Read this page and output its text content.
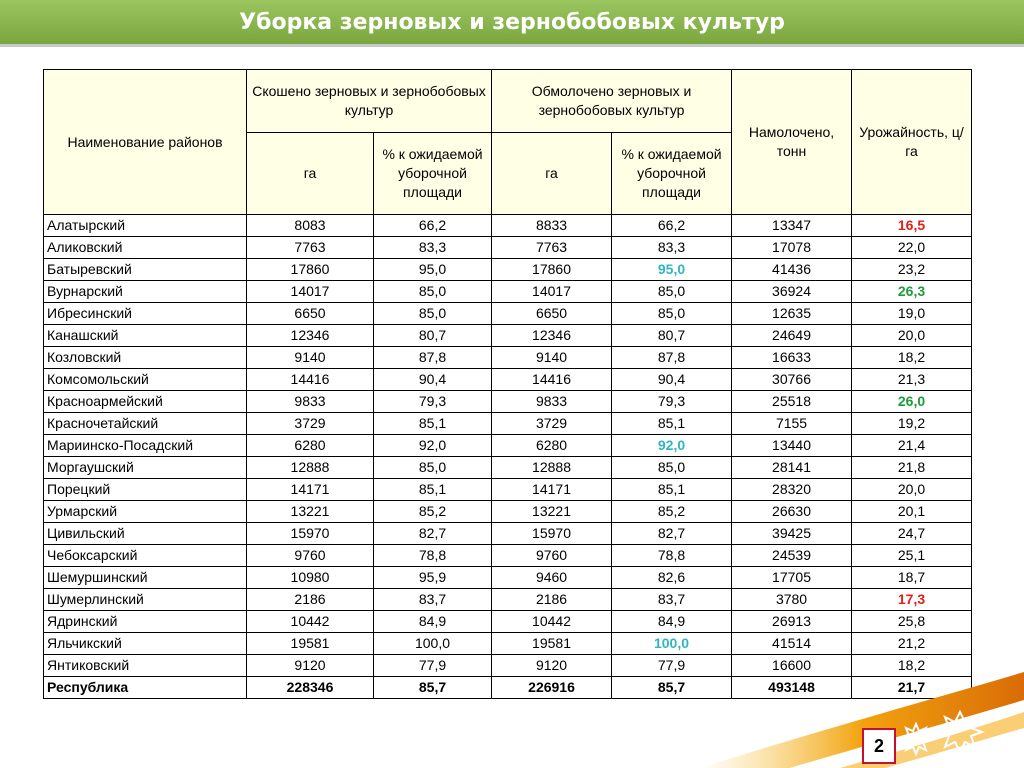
Уборка зерновых и зернобобовых культур
Наименование районов	Скошено зерновых и зернобобовых культур		Обмолочено зерновых и зернобобовых культур		Намолочено, тонн	Урожайность, ц/га
	га	% к ожидаемой уборочной площади	га	% к ожидаемой уборочной площади		
Алатырский	8083	66,2	8833	66,2	13347	16,5
Аликовский	7763	83,3	7763	83,3	17078	22,0
Батыревский	17860	95,0	17860	95,0	41436	23,2
Вурнарский	14017	85,0	14017	85,0	36924	26,3
Ибресинский	6650	85,0	6650	85,0	12635	19,0
Канашский	12346	80,7	12346	80,7	24649	20,0
Козловский	9140	87,8	9140	87,8	16633	18,2
Комсомольский	14416	90,4	14416	90,4	30766	21,3
Красноармейский	9833	79,3	9833	79,3	25518	26,0
Красночетайский	3729	85,1	3729	85,1	7155	19,2
Мариинско-Посадский	6280	92,0	6280	92,0	13440	21,4
Моргаушский	12888	85,0	12888	85,0	28141	21,8
Порецкий	14171	85,1	14171	85,1	28320	20,0
Урмарский	13221	85,2	13221	85,2	26630	20,1
Цивильский	15970	82,7	15970	82,7	39425	24,7
Чебоксарский	9760	78,8	9760	78,8	24539	25,1
Шемуршинский	10980	95,9	9460	82,6	17705	18,7
Шумерлинский	2186	83,7	2186	83,7	3780	17,3
Ядринский	10442	84,9	10442	84,9	26913	25,8
Яльчикский	19581	100,0	19581	100,0	41514	21,2
Янтиковский	9120	77,9	9120	77,9	16600	18,2
Республика	228346	85,7	226916	85,7	493148	21,7
2
